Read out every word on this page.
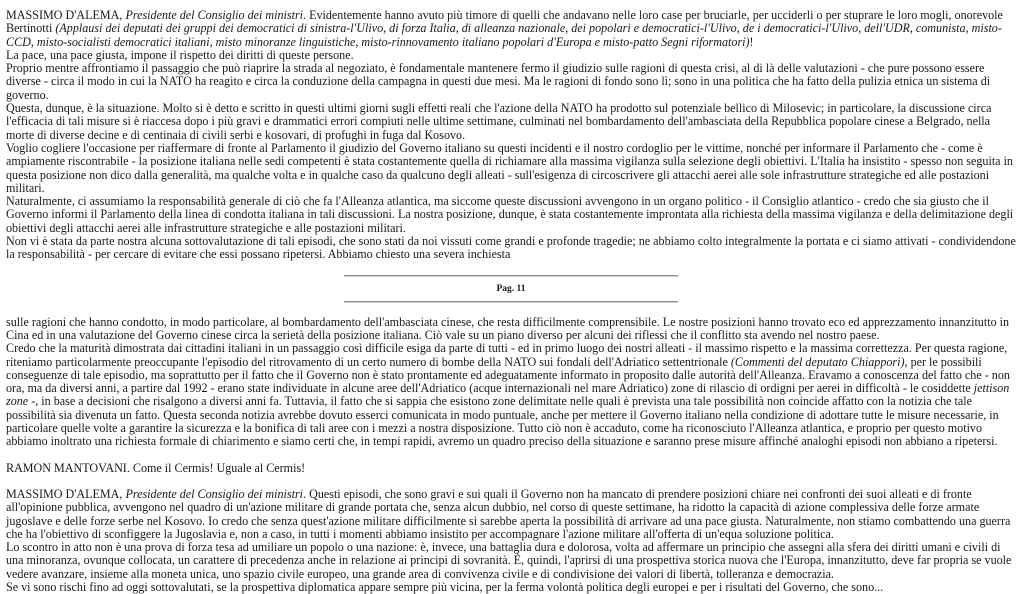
MASSIMO D'ALEMA, Presidente del Consiglio dei ministri. Evidentemente hanno avuto più timore di quelli che andavano nelle loro case per bruciarle, per ucciderli o per stuprare le loro mogli, onorevole Bertinotti (Applausi dei deputati dei gruppi dei democratici di sinistra-l'Ulivo, di forza Italia, di alleanza nazionale, dei popolari e democratici-l'Ulivo, de i democratici-l'Ulivo, dell'UDR, comunista, misto-CCD, misto-socialisti democratici italiani, misto minoranze linguistiche, misto-rinnovamento italiano popolari d'Europa e misto-patto Segni riformatori)!

La pace, una pace giusta, impone il rispetto dei diritti di queste persone.

Proprio mentre affrontiamo il passaggio che può riaprire la strada al negoziato, è fondamentale mantenere fermo il giudizio sulle ragioni di questa crisi, al di là delle valutazioni - che pure possono essere diverse - circa il modo in cui la NATO ha reagito e circa la conduzione della campagna in questi due mesi. Ma le ragioni di fondo sono lì; sono in una politica che ha fatto della pulizia etnica un sistema di governo.

Questa, dunque, è la situazione. Molto si è detto e scritto in questi ultimi giorni sugli effetti reali che l'azione della NATO ha prodotto sul potenziale bellico di Milosevic; in particolare, la discussione circa l'efficacia di tali misure si è riaccesa dopo i più gravi e drammatici errori compiuti nelle ultime settimane, culminati nel bombardamento dell'ambasciata della Repubblica popolare cinese a Belgrado, nella morte di diverse decine e di centinaia di civili serbi e kosovari, di profughi in fuga dal Kosovo.

Voglio cogliere l'occasione per riaffermare di fronte al Parlamento il giudizio del Governo italiano su questi incidenti e il nostro cordoglio per le vittime, nonché per informare il Parlamento che - come è ampiamente riscontrabile - la posizione italiana nelle sedi competenti è stata costantemente quella di richiamare alla massima vigilanza sulla selezione degli obiettivi. L'Italia ha insistito - spesso non seguita in questa posizione non dico dalla generalità, ma qualche volta e in qualche caso da qualcuno degli alleati - sull'esigenza di circoscrivere gli attacchi aerei alle sole infrastrutture strategiche ed alle postazioni militari.

Naturalmente, ci assumiamo la responsabilità generale di ciò che fa l'Alleanza atlantica, ma siccome queste discussioni avvengono in un organo politico - il Consiglio atlantico - credo che sia giusto che il Governo informi il Parlamento della linea di condotta italiana in tali discussioni. La nostra posizione, dunque, è stata costantemente improntata alla richiesta della massima vigilanza e della delimitazione degli obiettivi degli attacchi aerei alle infrastrutture strategiche e alle postazioni militari.

Non vi è stata da parte nostra alcuna sottovalutazione di tali episodi, che sono stati da noi vissuti come grandi e profonde tragedie; ne abbiamo colto integralmente la portata e ci siamo attivati - condividendone la responsabilità - per cercare di evitare che essi possano ripetersi. Abbiamo chiesto una severa inchiesta

Pag. 11

sulle ragioni che hanno condotto, in modo particolare, al bombardamento dell'ambasciata cinese, che resta difficilmente comprensibile. Le nostre posizioni hanno trovato eco ed apprezzamento innanzitutto in Cina ed in una valutazione del Governo cinese circa la serietà della posizione italiana. Ciò vale su un piano diverso per alcuni dei riflessi che il conflitto sta avendo nel nostro paese.

Credo che la maturità dimostrata dai cittadini italiani in un passaggio così difficile esiga da parte di tutti - ed in primo luogo dei nostri alleati - il massimo rispetto e la massima correttezza. Per questa ragione, riteniamo particolarmente preoccupante l'episodio del ritrovamento di un certo numero di bombe della NATO sui fondali dell'Adriatico settentrionale (Commenti del deputato Chiappori), per le possibili conseguenze di tale episodio, ma soprattutto per il fatto che il Governo non è stato prontamente ed adeguatamente informato in proposito dalle autorità dell'Alleanza. Eravamo a conoscenza del fatto che - non ora, ma da diversi anni, a partire dal 1992 - erano state individuate in alcune aree dell'Adriatico (acque internazionali nel mare Adriatico) zone di rilascio di ordigni per aerei in difficoltà - le cosiddette jettison zone -, in base a decisioni che risalgono a diversi anni fa. Tuttavia, il fatto che si sappia che esistono zone delimitate nelle quali è prevista una tale possibilità non coincide affatto con la notizia che tale possibilità sia divenuta un fatto. Questa seconda notizia avrebbe dovuto esserci comunicata in modo puntuale, anche per mettere il Governo italiano nella condizione di adottare tutte le misure necessarie, in particolare quelle volte a garantire la sicurezza e la bonifica di tali aree con i mezzi a nostra disposizione. Tutto ciò non è accaduto, come ha riconosciuto l'Alleanza atlantica, e proprio per questo motivo abbiamo inoltrato una richiesta formale di chiarimento e siamo certi che, in tempi rapidi, avremo un quadro preciso della situazione e saranno prese misure affinché analoghi episodi non abbiano a ripetersi.

RAMON MANTOVANI. Come il Cermis! Uguale al Cermis!

MASSIMO D'ALEMA, Presidente del Consiglio dei ministri. Questi episodi, che sono gravi e sui quali il Governo non ha mancato di prendere posizioni chiare nei confronti dei suoi alleati e di fronte all'opinione pubblica, avvengono nel quadro di un'azione militare di grande portata che, senza alcun dubbio, nel corso di queste settimane, ha ridotto la capacità di azione complessiva delle forze armate jugoslave e delle forze serbe nel Kosovo. Io credo che senza quest'azione militare difficilmente si sarebbe aperta la possibilità di arrivare ad una pace giusta. Naturalmente, non stiamo combattendo una guerra che ha l'obiettivo di sconfiggere la Jugoslavia e, non a caso, in tutti i momenti abbiamo insistito per accompagnare l'azione militare all'offerta di un'equa soluzione politica.

Lo scontro in atto non è una prova di forza tesa ad umiliare un popolo o una nazione: è, invece, una battaglia dura e dolorosa, volta ad affermare un principio che assegni alla sfera dei diritti umani e civili di una minoranza, ovunque collocata, un carattere di precedenza anche in relazione ai principi di sovranità. È, quindi, l'aprirsi di una prospettiva storica nuova che l'Europa, innanzitutto, deve far propria se vuole vedere avanzare, insieme alla moneta unica, uno spazio civile europeo, una grande area di convivenza civile e di condivisione dei valori di libertà, tolleranza e democrazia.

Se vi sono rischi fino ad oggi sottovalutati, se la prospettiva diplomatica appare sempre più vicina, per la ferma volontà politica degli europei e per i risultati del Governo, che sono...
